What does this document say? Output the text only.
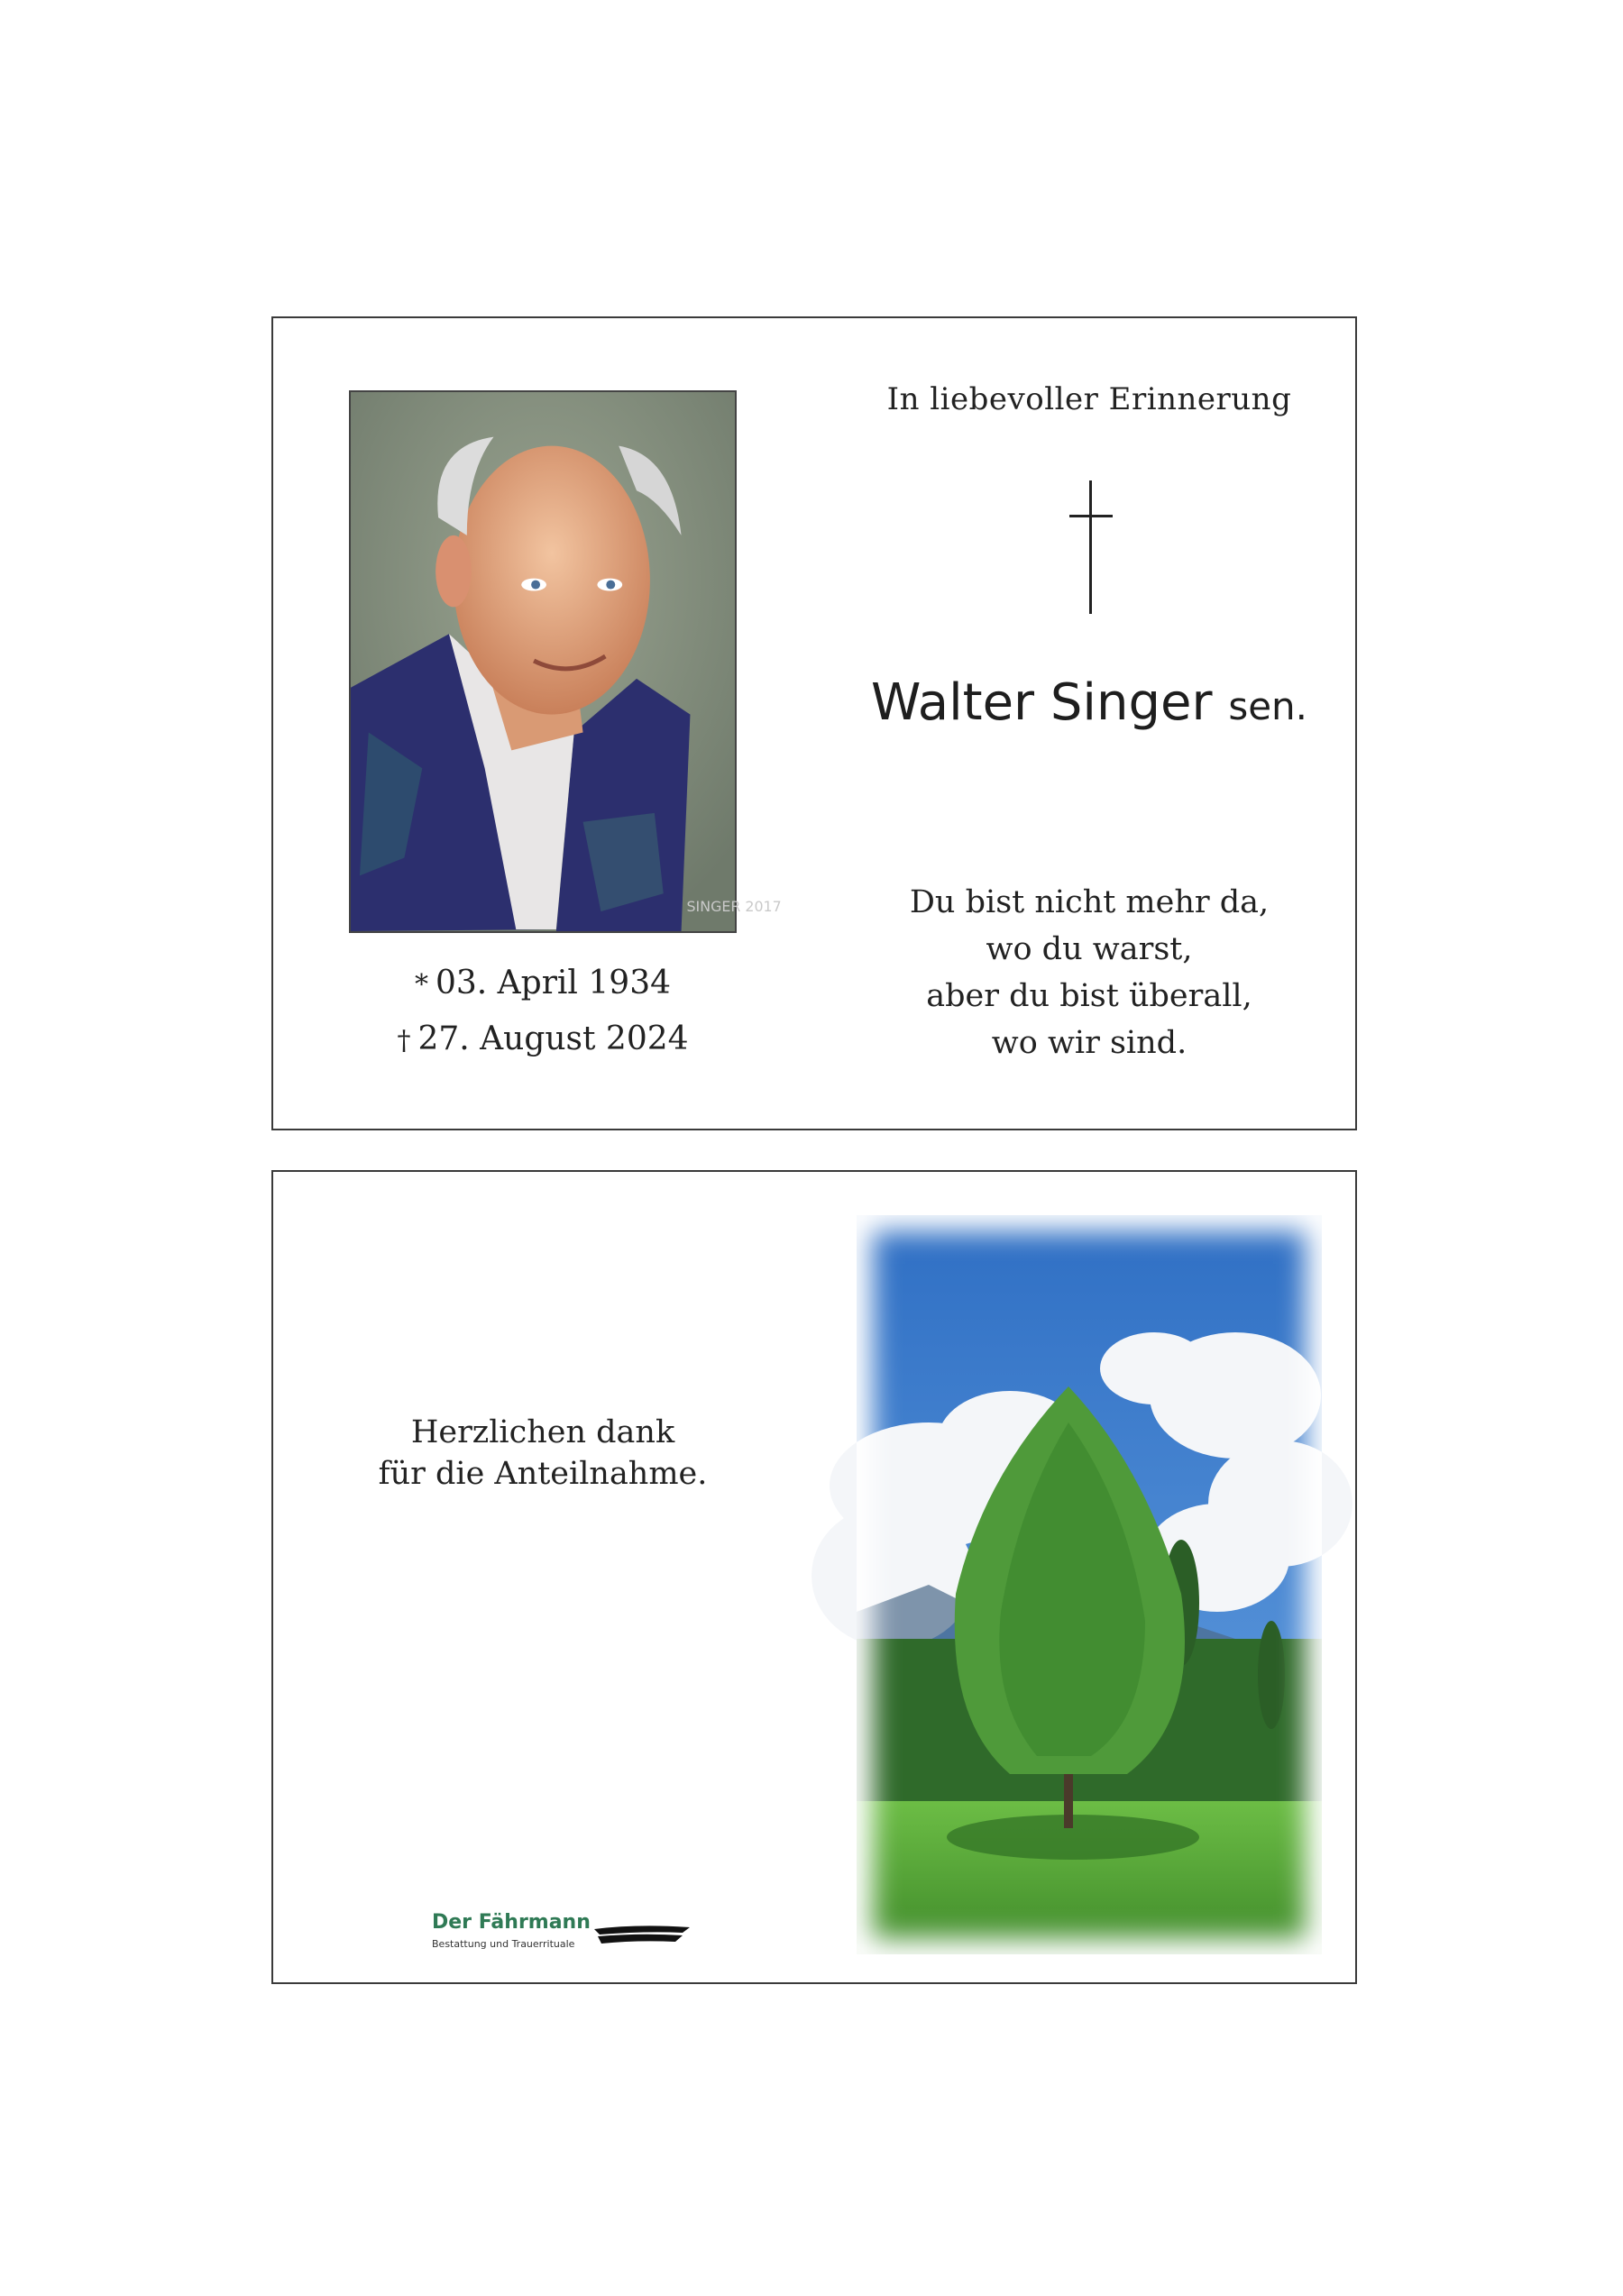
SINGER 2017
* 03. April 1934
† 27. August 2024
In liebevoller Erinnerung
Walter Singer sen.
Du bist nicht mehr da,
wo du warst,
aber du bist überall,
wo wir sind.
Herzlichen dank
für die Anteilnahme.
Der Fährmann
Bestattung und Trauerrituale
